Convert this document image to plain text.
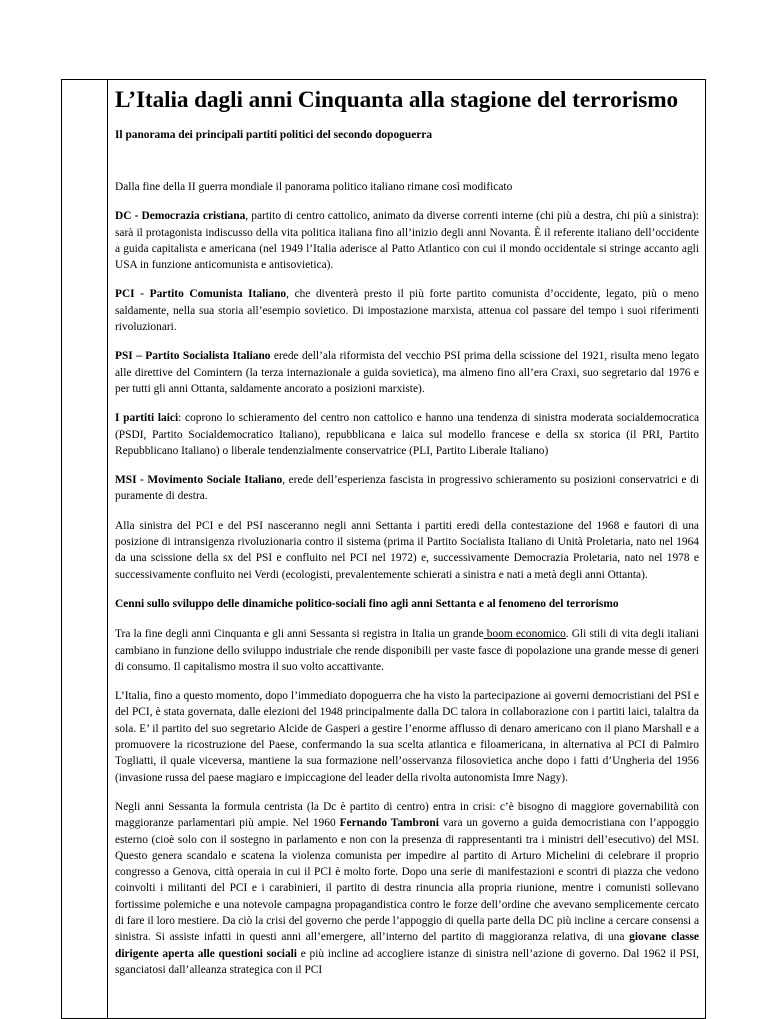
L’Italia dagli anni Cinquanta alla stagione del terrorismo
Il panorama dei principali partiti politici del secondo dopoguerra

Dalla fine della II guerra mondiale il panorama politico italiano rimane così modificato

DC - Democrazia cristiana, partito di centro cattolico, animato da diverse correnti interne (chi più a destra, chi più a sinistra): sarà il protagonista indiscusso della vita politica italiana fino all’inizio degli anni Novanta. È il referente italiano dell’occidente a guida capitalista e americana (nel 1949 l’Italia aderisce al Patto Atlantico con cui il mondo occidentale si stringe accanto agli USA in funzione anticomunista e antisovietica).

PCI - Partito Comunista Italiano, che diventerà presto il più forte partito comunista d’occidente, legato, più o meno saldamente, nella sua storia all’esempio sovietico. Di impostazione marxista, attenua col passare del tempo i suoi riferimenti rivoluzionari.

PSI – Partito Socialista Italiano erede dell’ala riformista del vecchio PSI prima della scissione del 1921, risulta meno legato alle direttive del Comintern (la terza internazionale a guida sovietica), ma almeno fino all’era Craxi, suo segretario dal 1976 e per tutti gli anni Ottanta, saldamente ancorato a posizioni marxiste).

I partiti laici: coprono lo schieramento del centro non cattolico e hanno una tendenza di sinistra moderata socialdemocratica (PSDI, Partito Socialdemocratico Italiano), repubblicana e laica sul modello francese e della sx storica (il PRI, Partito Repubblicano Italiano) o liberale tendenzialmente conservatrice (PLI, Partito Liberale Italiano)

MSI - Movimento Sociale Italiano, erede dell’esperienza fascista in progressivo schieramento su posizioni conservatrici e di puramente di destra.

Alla sinistra del PCI e del PSI nasceranno negli anni Settanta i partiti eredi della contestazione del 1968 e fautori di una posizione di intransigenza rivoluzionaria contro il sistema (prima il Partito Socialista Italiano di Unità Proletaria, nato nel 1964 da una scissione della sx del PSI e confluito nel PCI nel 1972) e, successivamente Democrazia Proletaria, nato nel 1978 e successivamente confluito nei Verdi (ecologisti, prevalentemente schierati a sinistra e nati a metà degli anni Ottanta).

Cenni sullo sviluppo delle dinamiche politico-sociali fino agli anni Settanta e al fenomeno del terrorismo

Tra la fine degli anni Cinquanta e gli anni Sessanta si registra in Italia un grande boom economico. Gli stili di vita degli italiani cambiano in funzione dello sviluppo industriale che rende disponibili per vaste fasce di popolazione una grande messe di generi di consumo. Il capitalismo mostra il suo volto accattivante.

L’Italia, fino a questo momento, dopo l’immediato dopoguerra che ha visto la partecipazione ai governi democristiani del PSI e del PCI, è stata governata, dalle elezioni del 1948 principalmente dalla DC talora in collaborazione con i partiti laici, talaltra da sola. E’ il partito del suo segretario Alcide de Gasperi a gestire l’enorme afflusso di denaro americano con il piano Marshall e a promuovere la ricostruzione del Paese, confermando la sua scelta atlantica e filoamericana, in alternativa al PCI di Palmiro Togliatti, il quale viceversa, mantiene la sua formazione nell’osservanza filosovietica anche dopo i fatti d’Ungheria del 1956 (invasione russa del paese magiaro e impiccagione del leader della rivolta autonomista Imre Nagy).

Negli anni Sessanta la formula centrista (la Dc è partito di centro) entra in crisi: c’è bisogno di maggiore governabilità con maggioranze parlamentari più ampie. Nel 1960 Fernando Tambroni vara un governo a guida democristiana con l’appoggio esterno (cioè solo con il sostegno in parlamento e non con la presenza di rappresentanti tra i ministri dell’esecutivo) del MSI. Questo genera scandalo e scatena la violenza comunista per impedire al partito di Arturo Michelini di celebrare il proprio congresso a Genova, città operaia in cui il PCI è molto forte. Dopo una serie di manifestazioni e scontri di piazza che vedono coinvolti i militanti del PCI e i carabinieri, il partito di destra rinuncia alla propria riunione, mentre i comunisti sollevano fortissime polemiche e una notevole campagna propagandistica contro le forze dell’ordine che avevano semplicemente cercato di fare il loro mestiere. Da ciò la crisi del governo che perde l’appoggio di quella parte della DC più incline a cercare consensi a sinistra. Si assiste infatti in questi anni all’emergere, all’interno del partito di maggioranza relativa, di una giovane classe dirigente aperta alle questioni sociali e più incline ad accogliere istanze di sinistra nell’azione di governo. Dal 1962 il PSI, sganciatosi dall’alleanza strategica con il PCI
